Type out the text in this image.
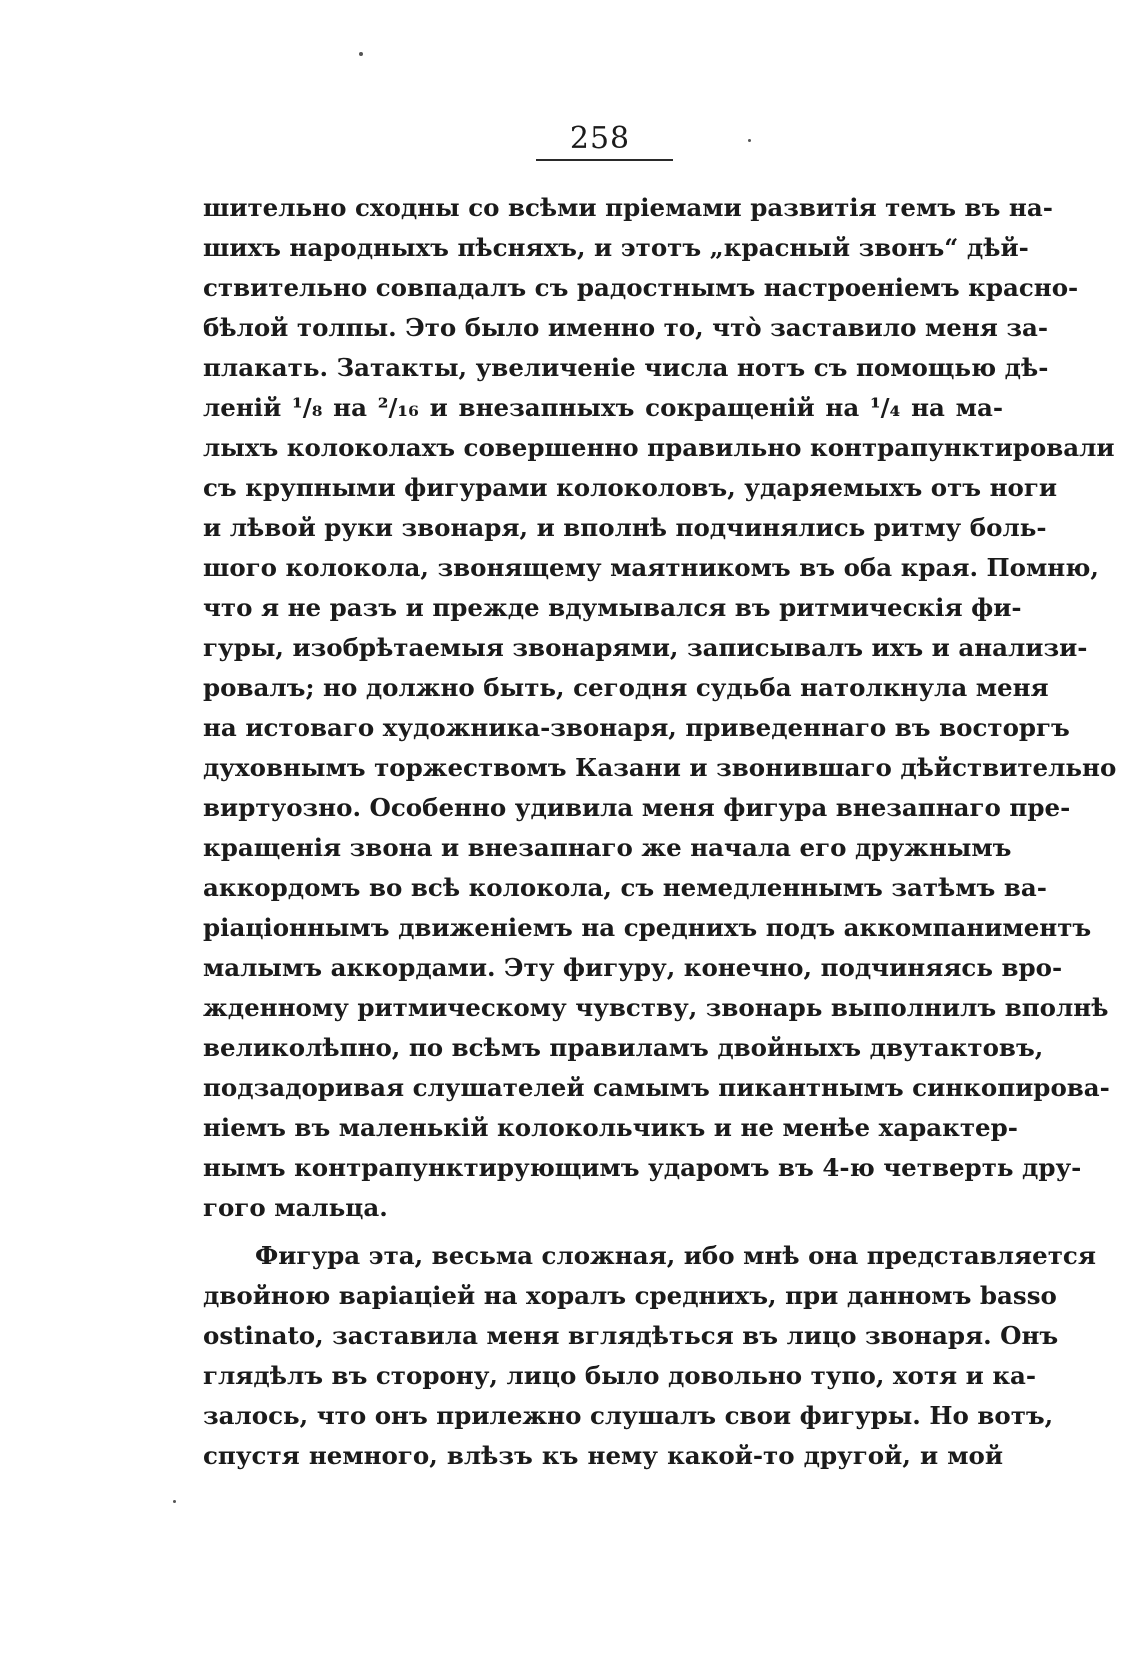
258
шительно сходны со всѣми пріемами развитія темъ въ на-
шихъ народныхъ пѣсняхъ, и этотъ „красный звонъ“ дѣй-
ствительно совпадалъ съ радостнымъ настроеніемъ красно-
бѣлой толпы. Это было именно то, что̀ заставило меня за-
плакать. Затакты, увеличеніе числа нотъ съ помощью дѣ-
леній ¹/₈ на ²/₁₆ и внезапныхъ сокращеній на ¹/₄ на ма-
лыхъ колоколахъ совершенно правильно контрапунктировали
съ крупными фигурами колоколовъ, ударяемыхъ отъ ноги
и лѣвой руки звонаря, и вполнѣ подчинялись ритму боль-
шого колокола, звонящему маятникомъ въ оба края. Помню,
что я не разъ и прежде вдумывался въ ритмическія фи-
гуры, изобрѣтаемыя звонарями, записывалъ ихъ и анализи-
ровалъ; но должно быть, сегодня судьба натолкнула меня
на истоваго художника-звонаря, приведеннаго въ восторгъ
духовнымъ торжествомъ Казани и звонившаго дѣйствительно
виртуозно. Особенно удивила меня фигура внезапнаго пре-
кращенія звона и внезапнаго же начала его дружнымъ
аккордомъ во всѣ колокола, съ немедленнымъ затѣмъ ва-
ріаціоннымъ движеніемъ на среднихъ подъ аккомпаниментъ
малымъ аккордами. Эту фигуру, конечно, подчиняясь вро-
жденному ритмическому чувству, звонарь выполнилъ вполнѣ
великолѣпно, по всѣмъ правиламъ двойныхъ двутактовъ,
подзадоривая слушателей самымъ пикантнымъ синкопирова-
ніемъ въ маленькій колокольчикъ и не менѣе характер-
нымъ контрапунктирующимъ ударомъ въ 4-ю четверть дру-
гого мальца.
Фигура эта, весьма сложная, ибо мнѣ она представляется
двойною варіаціей на хоралъ среднихъ, при данномъ basso
ostinato, заставила меня вглядѣться въ лицо звонаря. Онъ
глядѣлъ въ сторону, лицо было довольно тупо, хотя и ка-
залось, что онъ прилежно слушалъ свои фигуры. Но вотъ,
спустя немного, влѣзъ къ нему какой-то другой, и мой
